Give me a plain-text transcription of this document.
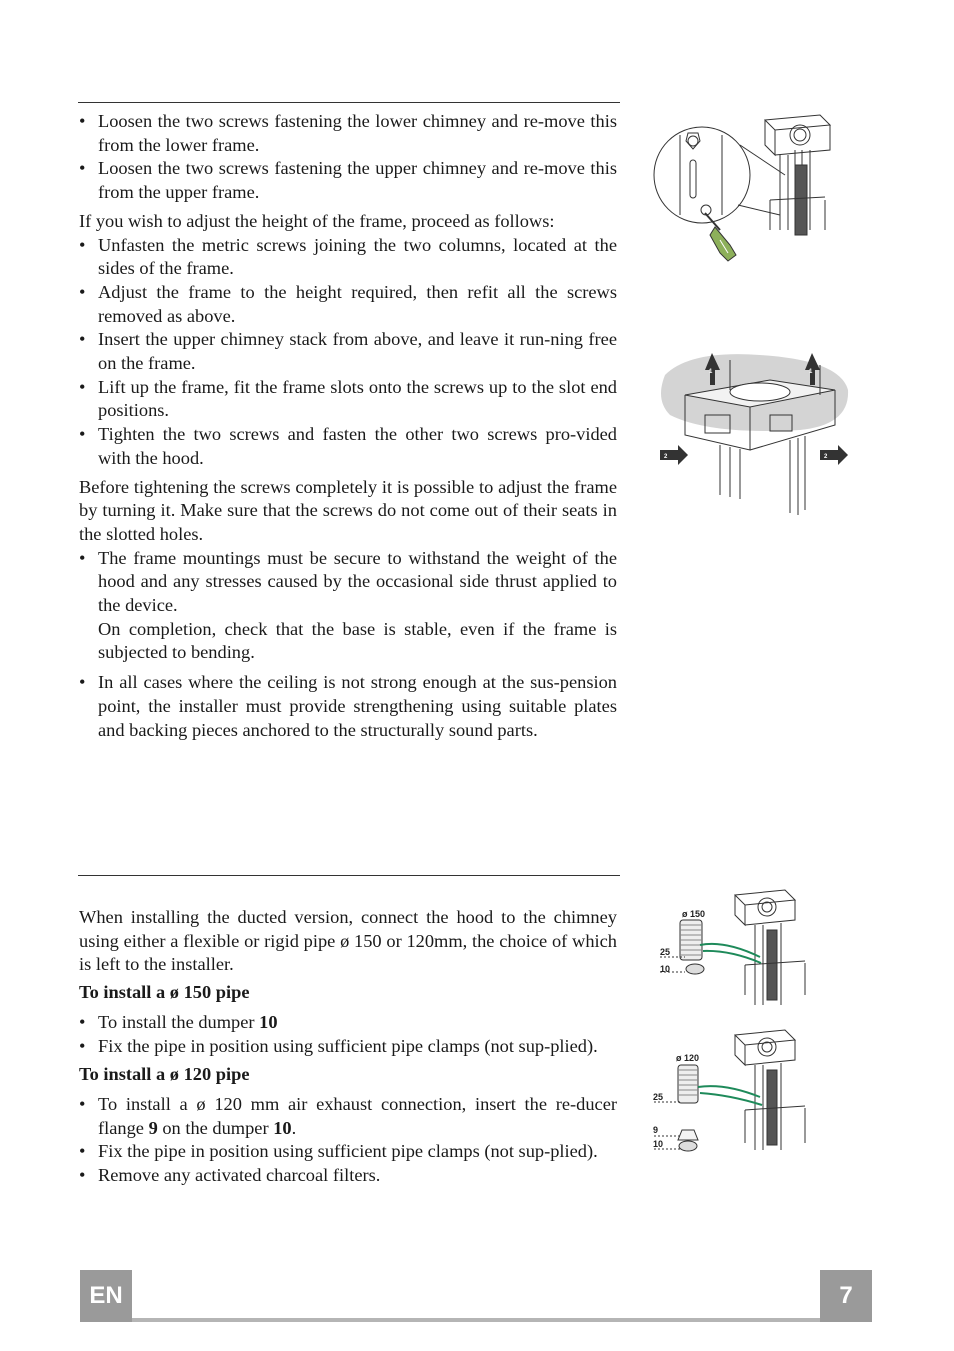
• Loosen the two screws fastening the lower chimney and re-move this from the lower frame.
• Loosen the two screws fastening the upper chimney and re-move this from the upper frame.

If you wish to adjust the height of the frame, proceed as follows:

• Unfasten the metric screws joining the two columns, located at the sides of the frame.
• Adjust the frame to the height required, then refit all the screws removed as above.
• Insert the upper chimney stack from above, and leave it run-ning free on the frame.
• Lift up the frame, fit the frame slots onto the screws up to the slot end positions.
• Tighten the two screws and fasten the other two screws pro-vided with the hood.

Before tightening the screws completely it is possible to adjust the frame by turning it. Make sure that the screws do not come out of their seats in the slotted holes.

• The frame mountings must be secure to withstand the weight of the hood and any stresses caused by the occasional side thrust applied to the device.

On completion, check that the base is stable, even if the frame is subjected to bending.

• In all cases where the ceiling is not strong enough at the sus-pension point, the installer must provide strengthening using suitable plates and backing pieces anchored to the structurally sound parts.

When installing the ducted version, connect the hood to the chimney using either a flexible or rigid pipe ø 150 or 120mm, the choice of which is left to the installer.

To install a ø 150 pipe

• To install the dumper 10
• Fix the pipe in position using sufficient pipe clamps (not sup-plied).

To install a ø 120 pipe

• To install a ø 120 mm air exhaust connection, insert the re-ducer flange 9 on the dumper 10.
• Fix the pipe in position using sufficient pipe clamps (not sup-plied).
• Remove any activated charcoal filters.
1	1
2	2
ø 150
25
10
ø 120
25
9
10
EN	7
